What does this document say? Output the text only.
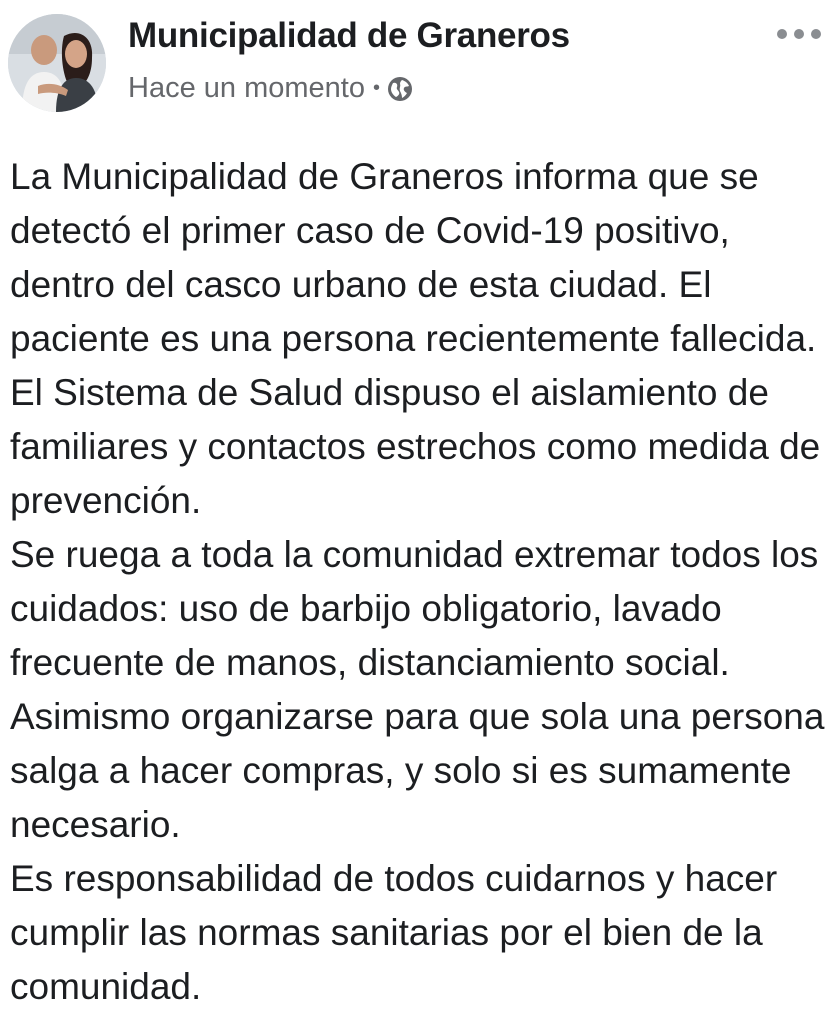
Municipalidad de Graneros
Hace un momento •

La Municipalidad de Graneros informa que se detectó el primer caso de Covid-19 positivo, dentro del casco urbano de esta ciudad. El paciente es una persona recientemente fallecida. El Sistema de Salud dispuso el aislamiento de familiares y contactos estrechos como medida de prevención.

Se ruega a toda la comunidad extremar todos los cuidados: uso de barbijo obligatorio, lavado frecuente de manos, distanciamiento social.

Asimismo organizarse para que sola una persona salga a hacer compras, y solo si es sumamente necesario.

Es responsabilidad de todos cuidarnos y hacer cumplir las normas sanitarias por el bien de la comunidad.
